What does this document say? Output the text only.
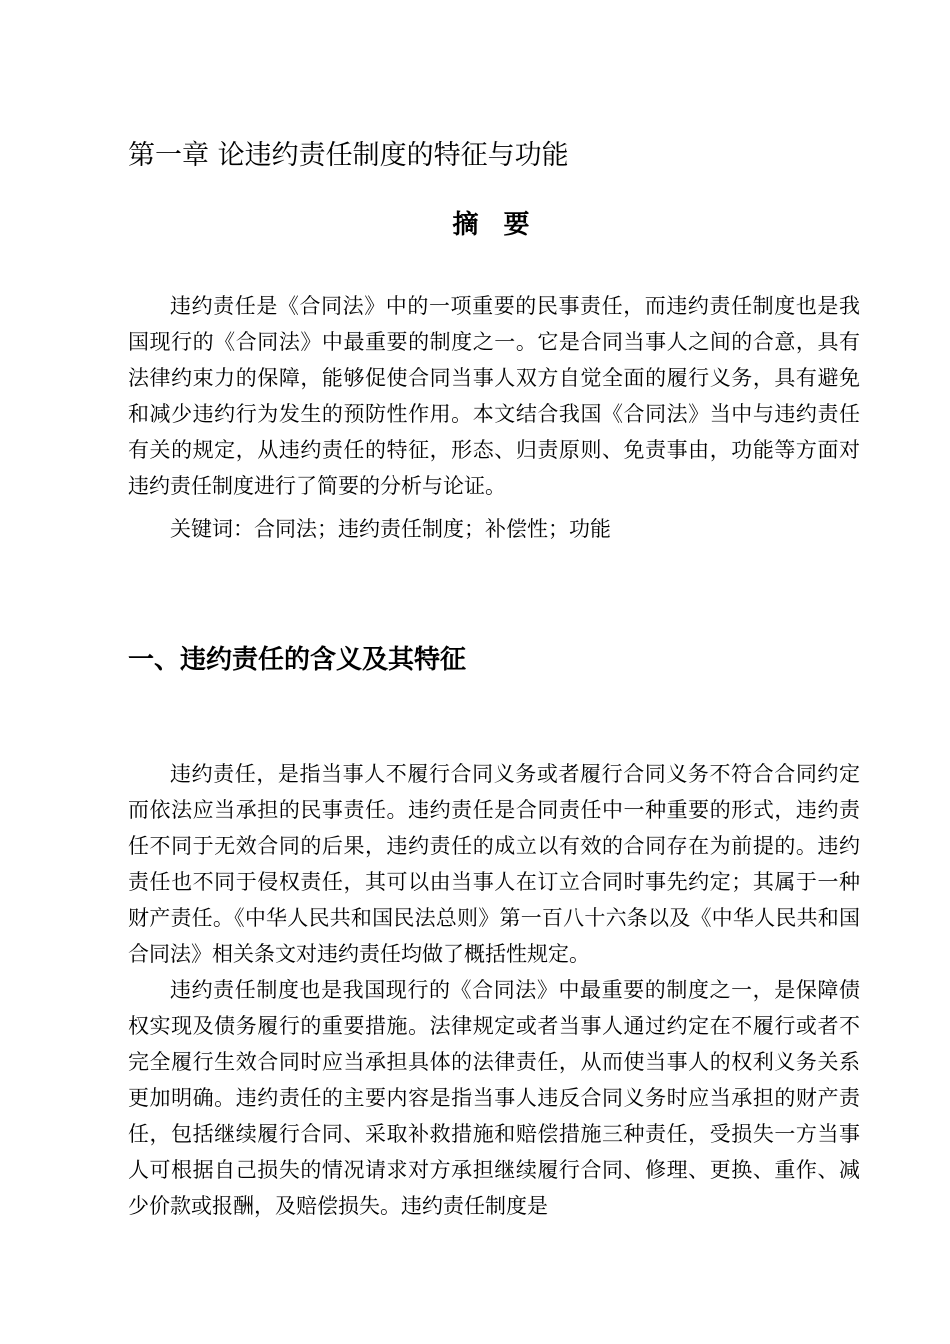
第一章 论违约责任制度的特征与功能
摘 要

违约责任是《合同法》中的一项重要的民事责任，而违约责任制度也是我国现行的《合同法》中最重要的制度之一。它是合同当事人之间的合意，具有法律约束力的保障，能够促使合同当事人双方自觉全面的履行义务，具有避免和减少违约行为发生的预防性作用。本文结合我国《合同法》当中与违约责任有关的规定，从违约责任的特征，形态、归责原则、免责事由，功能等方面对违约责任制度进行了简要的分析与论证。

关键词：合同法；违约责任制度；补偿性；功能

一、违约责任的含义及其特征

违约责任，是指当事人不履行合同义务或者履行合同义务不符合合同约定而依法应当承担的民事责任。违约责任是合同责任中一种重要的形式，违约责任不同于无效合同的后果，违约责任的成立以有效的合同存在为前提的。违约责任也不同于侵权责任，其可以由当事人在订立合同时事先约定；其属于一种财产责任。《中华人民共和国民法总则》第一百八十六条以及《中华人民共和国合同法》相关条文对违约责任均做了概括性规定。

违约责任制度也是我国现行的《合同法》中最重要的制度之一，是保障债权实现及债务履行的重要措施。法律规定或者当事人通过约定在不履行或者不完全履行生效合同时应当承担具体的法律责任，从而使当事人的权利义务关系更加明确。违约责任的主要内容是指当事人违反合同义务时应当承担的财产责任，包括继续履行合同、采取补救措施和赔偿措施三种责任，受损失一方当事人可根据自己损失的情况请求对方承担继续履行合同、修理、更换、重作、减少价款或报酬，及赔偿损失。违约责任制度是
